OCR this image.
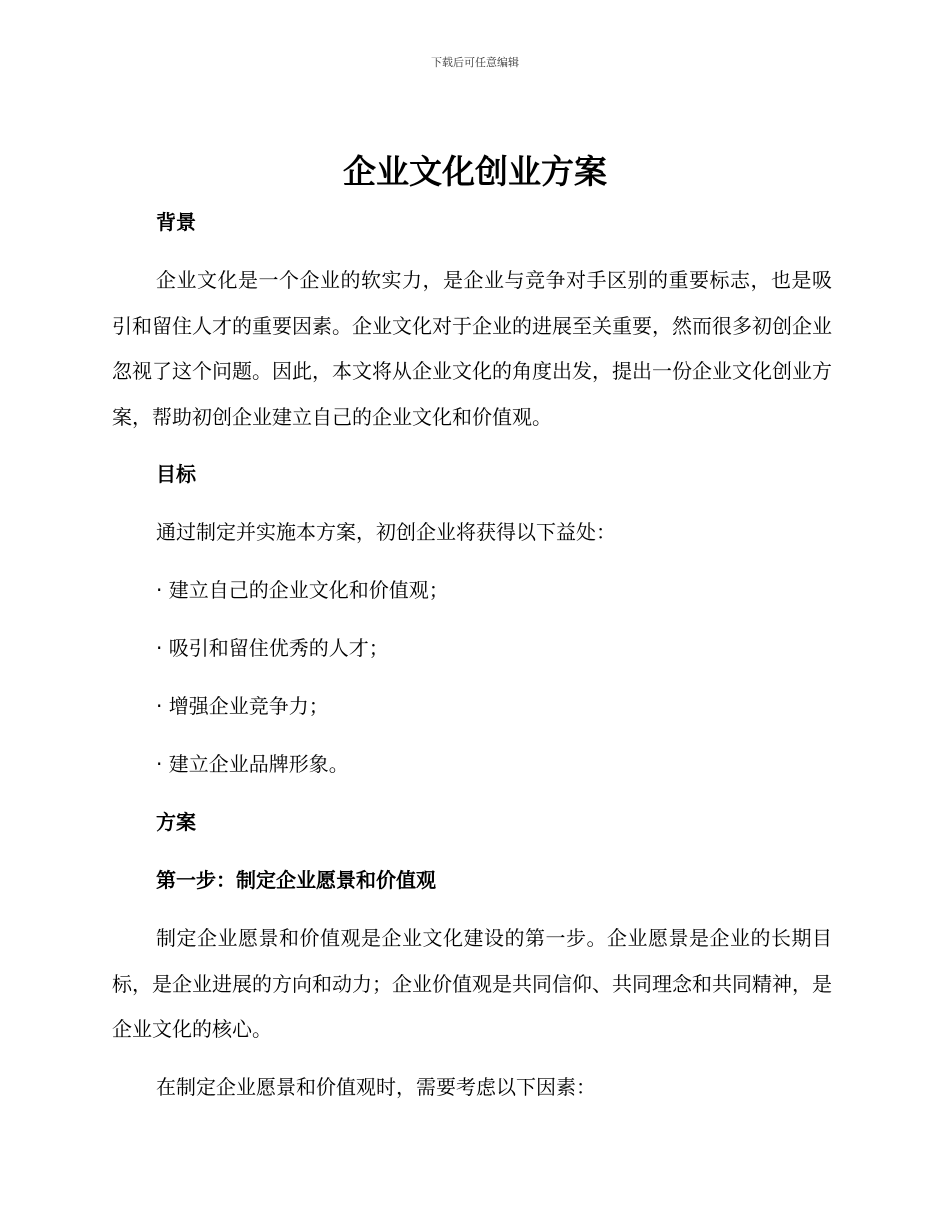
下载后可任意编辑
企业文化创业方案
背景
企业文化是一个企业的软实力，是企业与竞争对手区别的重要标志，也是吸引和留住人才的重要因素。企业文化对于企业的进展至关重要，然而很多初创企业忽视了这个问题。因此，本文将从企业文化的角度出发，提出一份企业文化创业方案，帮助初创企业建立自己的企业文化和价值观。
目标
通过制定并实施本方案，初创企业将获得以下益处：
· 建立自己的企业文化和价值观；
· 吸引和留住优秀的人才；
· 增强企业竞争力；
· 建立企业品牌形象。
方案
第一步：制定企业愿景和价值观
制定企业愿景和价值观是企业文化建设的第一步。企业愿景是企业的长期目标，是企业进展的方向和动力；企业价值观是共同信仰、共同理念和共同精神，是企业文化的核心。
在制定企业愿景和价值观时，需要考虑以下因素：
